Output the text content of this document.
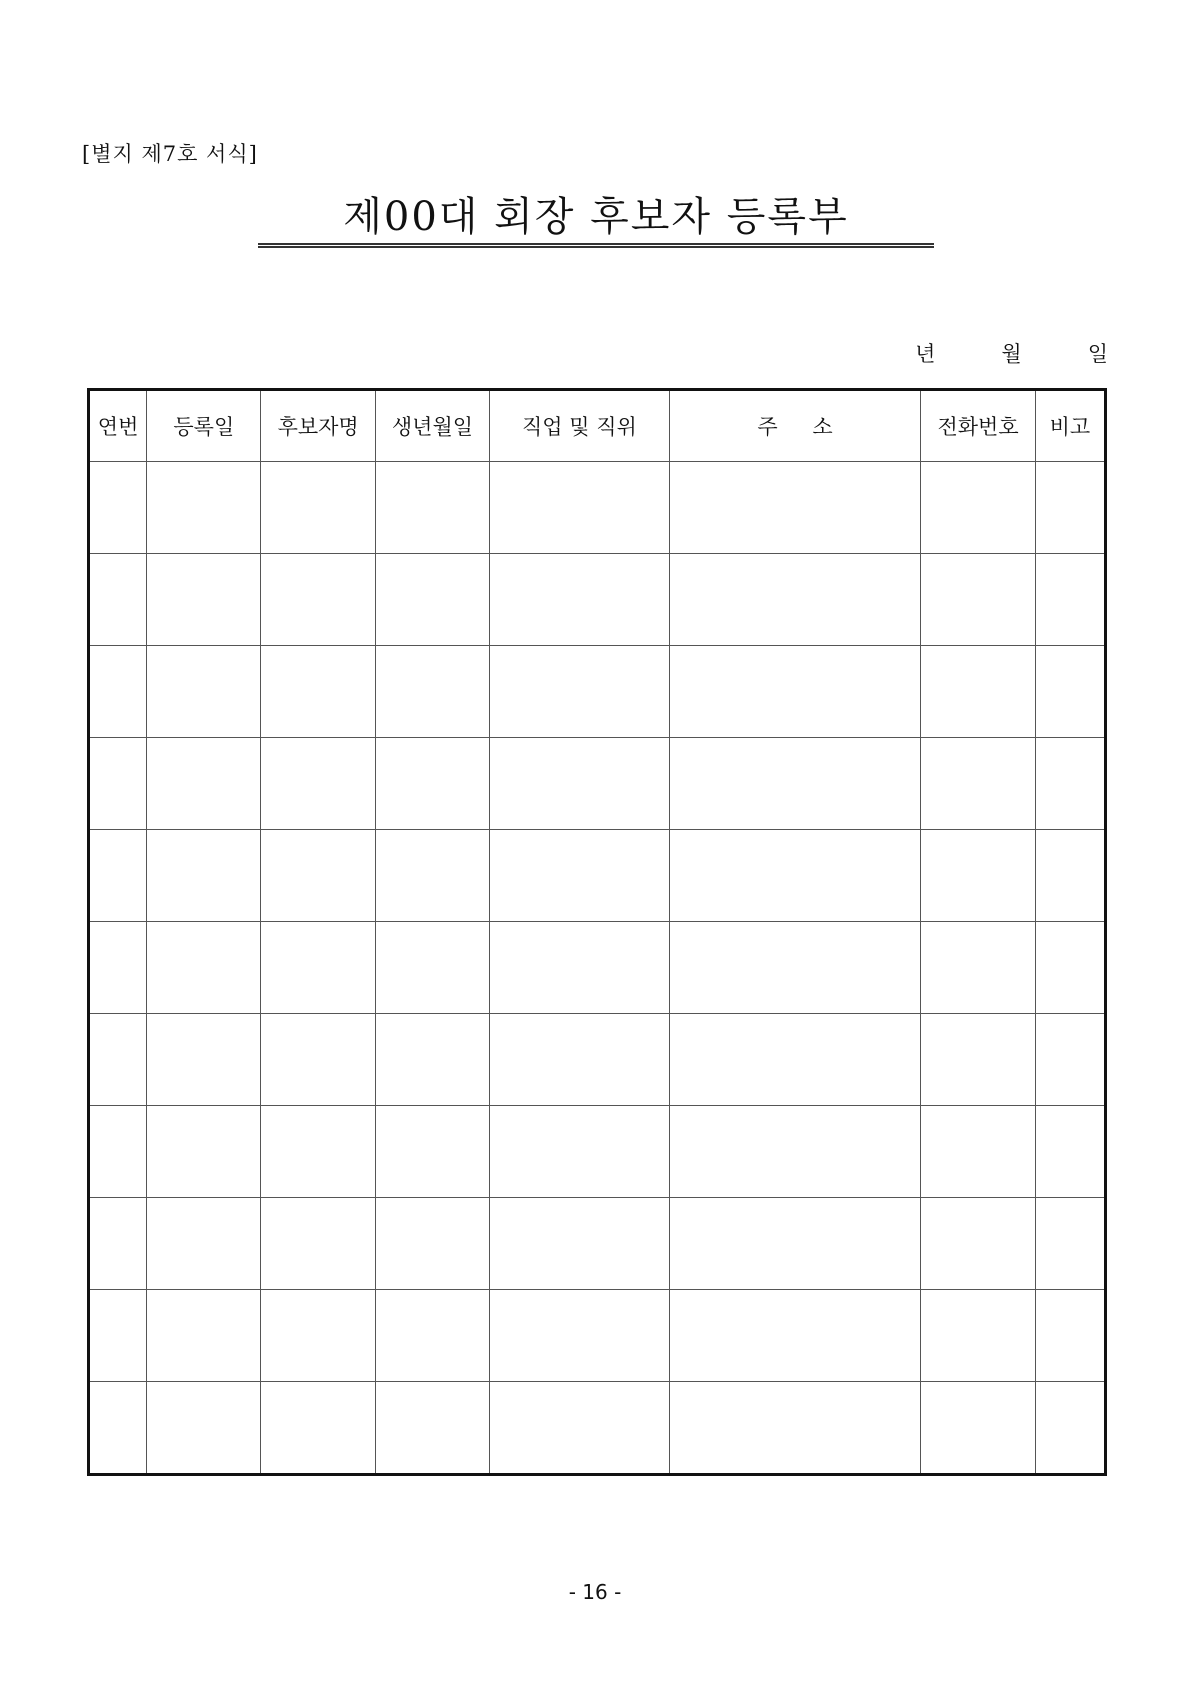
[별지 제7호 서식]
제00대 회장 후보자 등록부
년	월	일
연번	등록일	후보자명	생년월일	직업 및 직위	주 소	전화번호	비고

- 16 -
